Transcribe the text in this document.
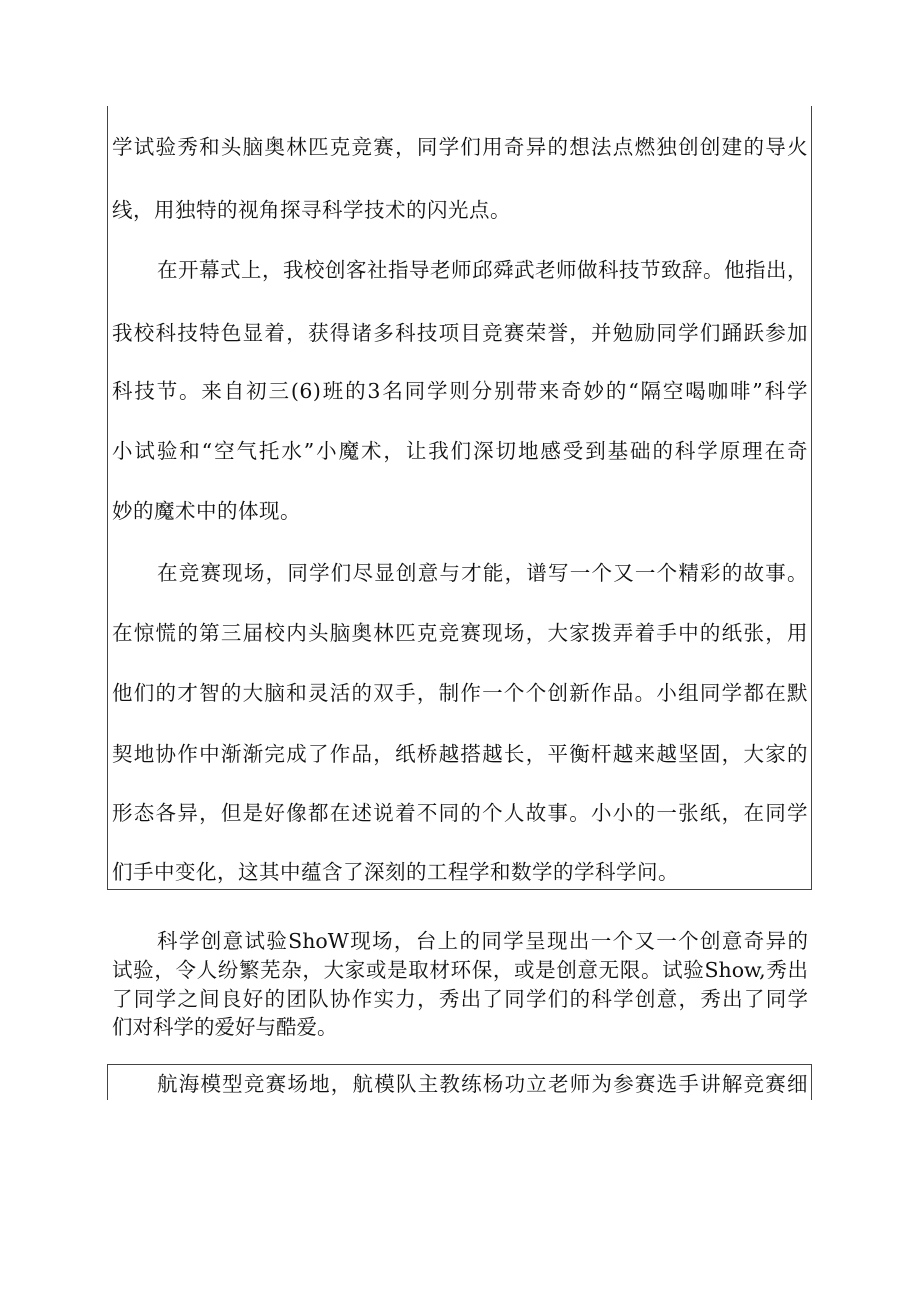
学试验秀和头脑奥林匹克竞赛，同学们用奇异的想法点燃独创创建的导火
线，用独特的视角探寻科学技术的闪光点。
在开幕式上，我校创客社指导老师邱舜武老师做科技节致辞。他指出，
我校科技特色显着，获得诸多科技项目竞赛荣誉，并勉励同学们踊跃参加
科技节。来自初三(6)班的3名同学则分别带来奇妙的“隔空喝咖啡”科学
小试验和“空气托水”小魔术，让我们深切地感受到基础的科学原理在奇
妙的魔术中的体现。
在竞赛现场，同学们尽显创意与才能，谱写一个又一个精彩的故事。
在惊慌的第三届校内头脑奥林匹克竞赛现场，大家拨弄着手中的纸张，用
他们的才智的大脑和灵活的双手，制作一个个创新作品。小组同学都在默
契地协作中渐渐完成了作品，纸桥越搭越长，平衡杆越来越坚固，大家的
形态各异，但是好像都在述说着不同的个人故事。小小的一张纸，在同学
们手中变化，这其中蕴含了深刻的工程学和数学的学科学问。
科学创意试验ShoW现场，台上的同学呈现出一个又一个创意奇异的
试验，令人纷繁芜杂，大家或是取材环保，或是创意无限。试验Show,秀出
了同学之间良好的团队协作实力，秀出了同学们的科学创意，秀出了同学
们对科学的爱好与酷爱。
航海模型竞赛场地，航模队主教练杨功立老师为参赛选手讲解竞赛细
